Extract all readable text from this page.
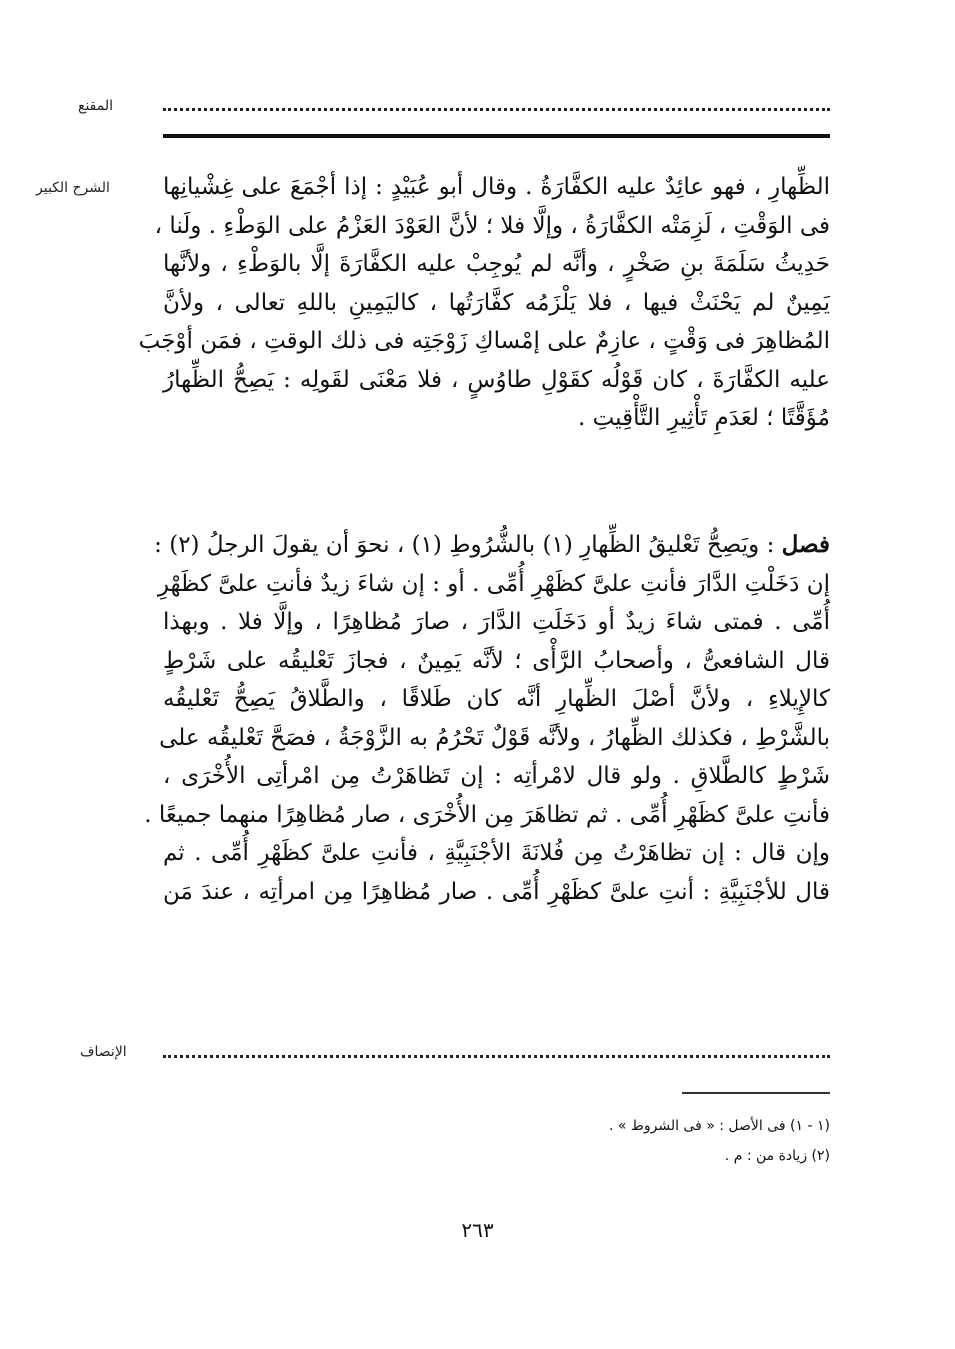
المقنع
الشرح الكبير الظِّهارِ ، فهو عائِدٌ عليه الكفَّارَةُ . وقال أبو عُبَيْدٍ : إذا أجْمَعَ على غِشْيانِها
فى الوَقْتِ ، لَزِمَتْه الكفَّارَةُ ، وإلَّا فلا ؛ لأنَّ العَوْدَ العَزْمُ على الوَطْءِ . ولَنا ،
حَدِيثُ سَلَمَةَ بنِ صَخْرٍ ، وأنَّه لم يُوجِبْ عليه الكفَّارَةَ إلَّا بالوَطْءِ ، ولأنَّها
يَمِينٌ لم يَحْنَثْ فيها ، فلا يَلْزَمُه كفَّارَتُها ، كاليَمِينِ باللهِ تعالى ، ولأنَّ
المُظاهِرَ فى وَقْتٍ ، عازِمٌ على إمْساكِ زَوْجَتِه فى ذلك الوقتِ ، فمَن أوْجَبَ
عليه الكفَّارَةَ ، كان قَوْلُه كقَوْلِ طاوُسٍ ، فلا مَعْنَى لقَولِه : يَصِحُّ الظِّهارُ
مُؤَقَّتًا ؛ لعَدَمِ تَأْثِيرِ التَّأْقِيتِ .
فصل : ويَصِحُّ تَعْليقُ الظِّهارِ (١) بالشُّرُوطِ (١) ، نحوَ أن يقولَ الرجلُ (٢) :
إن دَخَلْتِ الدَّارَ فأنتِ علىَّ كظَهْرِ أُمِّى . أو : إن شاءَ زيدٌ فأنتِ علىَّ كظَهْرِ
أُمِّى . فمتى شاءَ زيدٌ أو دَخَلَتِ الدَّارَ ، صارَ مُظاهِرًا ، وإلَّا فلا . وبهذا
قال الشافعىُّ ، وأصحابُ الرَّأْى ؛ لأنَّه يَمِينٌ ، فجازَ تَعْليقُه على شَرْطٍ
كالإِيلاءِ ، ولأنَّ أصْلَ الظِّهارِ أنَّه كان طَلاقًا ، والطَّلاقُ يَصِحُّ تَعْليقُه
بالشَّرْطِ ، فكذلك الظِّهارُ ، ولأنَّه قَوْلٌ تَحْرُمُ به الزَّوْجَةُ ، فصَحَّ تَعْليقُه على
شَرْطٍ كالطَّلاقِ . ولو قال لامْرأتِه : إن تَظاهَرْتُ مِن امْرأتِى الأُخْرَى ،
فأنتِ علىَّ كظَهْرِ أُمِّى . ثم تظاهَرَ مِن الأُخْرَى ، صار مُظاهِرًا منهما جميعًا .
وإن قال : إن تظاهَرْتُ مِن فُلانَةَ الأجْنَبِيَّةِ ، فأنتِ علىَّ كظَهْرِ أُمِّى . ثم
قال للأجْنَبِيَّةِ : أنتِ علىَّ كظَهْرِ أُمِّى . صار مُظاهِرًا مِن امرأتِه ، عندَ مَن
الإنصاف
(١ - ١) فى الأصل : « فى الشروط » .
(٢) زيادة من : م .
٢٦٣
